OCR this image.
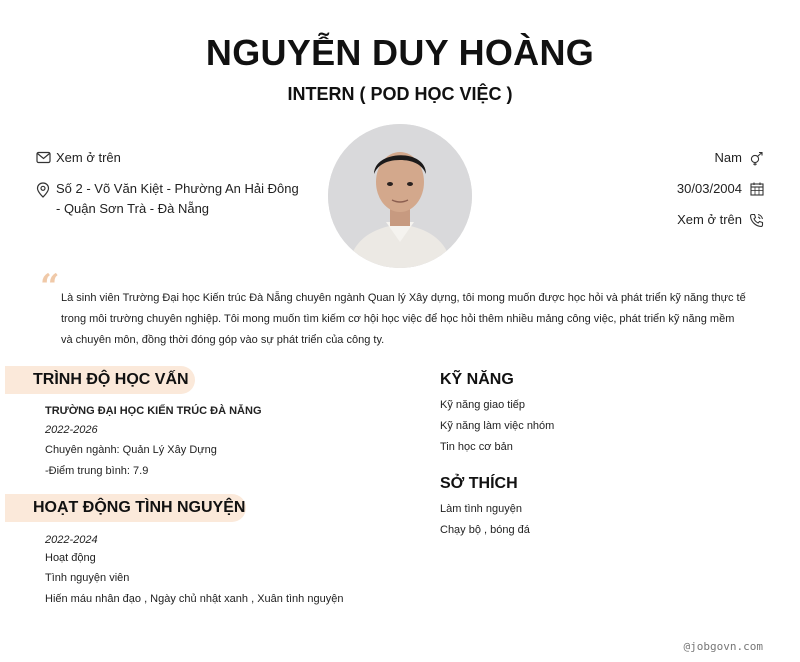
NGUYỄN DUY HOÀNG
INTERN ( POD HỌC VIỆC )
Xem ở trên
Số 2 - Võ Văn Kiệt - Phường An Hải Đông
- Quận Sơn Trà - Đà Nẵng
Nam
30/03/2004
Xem ở trên
“ Là sinh viên Trường Đại học Kiến trúc Đà Nẵng chuyên ngành Quan lý Xây dựng, tôi mong muốn được học hỏi và phát triển kỹ năng thực tế trong môi trường chuyên nghiệp. Tôi mong muốn tìm kiếm cơ hội học việc để học hỏi thêm nhiều mảng công việc, phát triển kỹ năng mềm và chuyên môn, đồng thời đóng góp vào sự phát triển của công ty.
TRÌNH ĐỘ HỌC VẤN
TRƯỜNG ĐẠI HỌC KIẾN TRÚC ĐÀ NẴNG
2022-2026
Chuyên ngành: Quản Lý Xây Dựng
-Điểm trung bình: 7.9
HOẠT ĐỘNG TÌNH NGUYỆN
2022-2024
Hoạt động
Tình nguyện viên
Hiến máu nhân đạo , Ngày chủ nhật xanh , Xuân tình nguyện
KỸ NĂNG
Kỹ năng giao tiếp
Kỹ năng làm việc nhóm
Tin học cơ bản
SỞ THÍCH
Làm tình nguyện
Chạy bộ , bóng đá
@jobgovn.com
